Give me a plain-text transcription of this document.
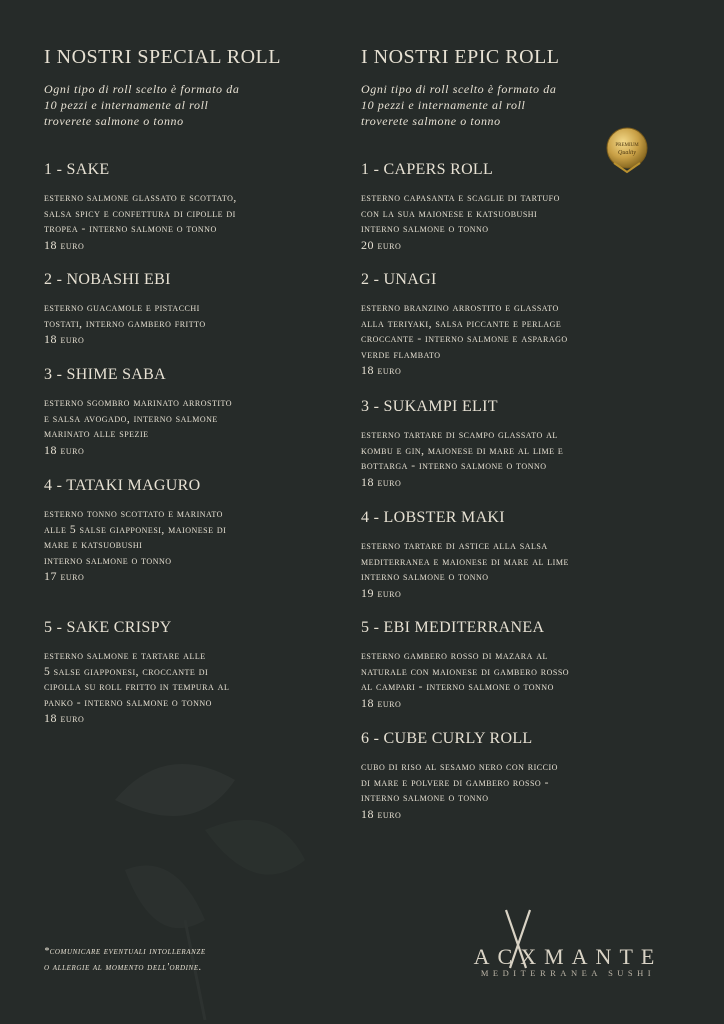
I NOSTRI SPECIAL ROLL
Ogni tipo di roll scelto è formato da
10 pezzi e internamente al roll
troverete salmone o tonno
1 - SAKE
esterno salmone glassato e scottato,
salsa spicy e confettura di cipolle di
tropea - interno salmone o tonno
18 euro
2 - NOBASHI EBI
esterno guacamole e pistacchi
tostati, interno gambero fritto
18 euro
3 - SHIME SABA
esterno sgombro marinato arrostito
e salsa avogado, interno salmone
marinato alle spezie
18 euro
4 - TATAKI MAGURO
esterno tonno scottato e marinato
alle 5 salse giapponesi, maionese di
mare e katsuobushi
interno salmone o tonno
17 euro
5 - SAKE CRISPY
esterno salmone e tartare alle
5 salse giapponesi, croccante di
cipolla su roll fritto in tempura al
panko - interno salmone o tonno
18 euro
I NOSTRI EPIC ROLL
Ogni tipo di roll scelto è formato da
10 pezzi e internamente al roll
troverete salmone o tonno
1 - CAPERS ROLL
esterno capasanta e scaglie di tartufo
con la sua maionese e katsuobushi
interno salmone o tonno
20 euro
2 - UNAGI
esterno branzino arrostito e glassato
alla teriyaki, salsa piccante e perlage
croccante - interno salmone e asparago
verde flambato
18 euro
3 - SUKAMPI ELIT
esterno tartare di scampo glassato al
kombu e gin, maionese di mare al lime e
bottarga - interno salmone o tonno
18 euro
4 - LOBSTER MAKI
esterno tartare di astice alla salsa
mediterranea e maionese di mare al lime
interno salmone o tonno
19 euro
5 - EBI MEDITERRANEA
esterno gambero rosso di mazara al
naturale con maionese di gambero rosso
al campari - interno salmone o tonno
18 euro
6 - CUBE CURLY ROLL
cubo di riso al sesamo nero con riccio
di mare e polvere di gambero rosso -
interno salmone o tonno
18 euro
PREMIUM
Quality
*comunicare eventuali intolleranze
o allergie al momento dell'ordine.	ACXMANTE
MEDITERRANEA SUSHI
